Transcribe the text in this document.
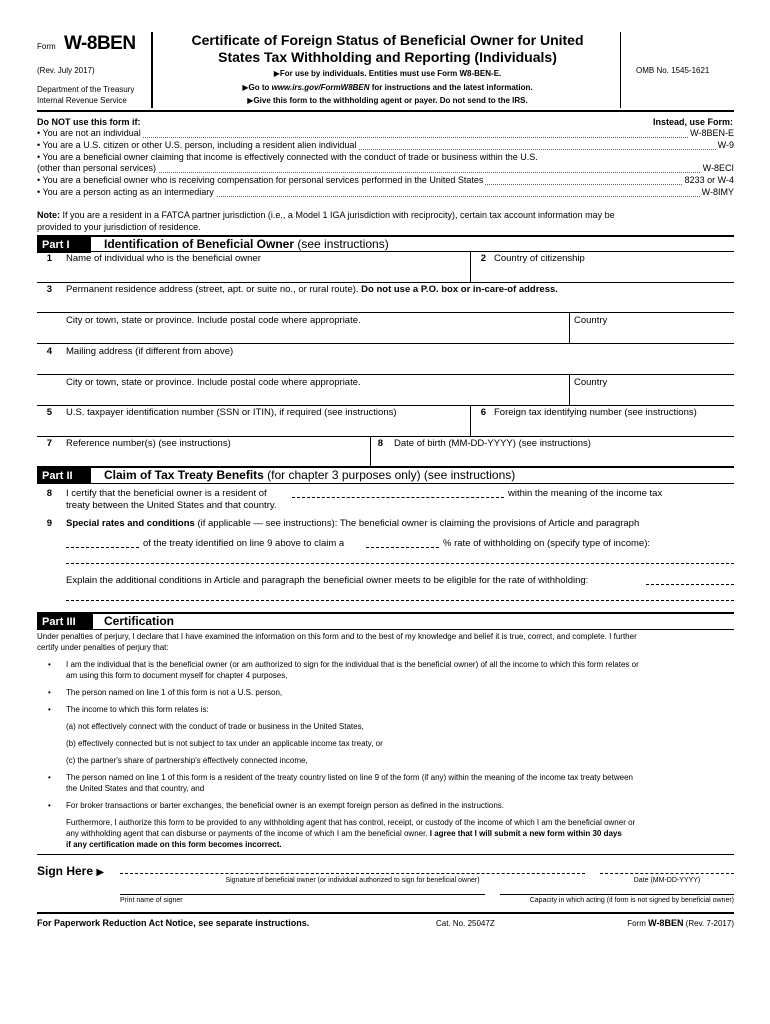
Form W-8BEN
(Rev. July 2017)
Department of the Treasury
Internal Revenue Service
Certificate of Foreign Status of Beneficial Owner for United
States Tax Withholding and Reporting (Individuals)
▶For use by individuals. Entities must use Form W8-BEN-E.
▶Go to www.irs.gov/FormW8BEN for instructions and the latest information.
▶Give this form to the withholding agent or payer. Do not send to the IRS.
OMB No. 1545-1621
Do NOT use this form if:	Instead, use Form:
• You are not an individual	W-8BEN-E
• You are a U.S. citizen or other U.S. person, including a resident alien individual	W-9
• You are a beneficial owner claiming that income is effectively connected with the conduct of trade or business within the U.S.
(other than personal services)	W-8ECI
• You are a beneficial owner who is receiving compensation for personal services performed in the United States	8233 or W-4
• You are a person acting as an intermediary	W-8IMY
Note: If you are a resident in a FATCA partner jurisdiction (i.e., a Model 1 IGA jurisdiction with reciprocity), certain tax account information may be
provided to your jurisdiction of residence.
Part I	Identification of Beneficial Owner (see instructions)
1 Name of individual who is the beneficial owner	2 Country of citizenship
3 Permanent residence address (street, apt. or suite no., or rural route). Do not use a P.O. box or in-care-of address.
City or town, state or province. Include postal code where appropriate.	Country
4 Mailing address (if different from above)
City or town, state or province. Include postal code where appropriate.	Country
5 U.S. taxpayer identification number (SSN or ITIN), if required (see instructions)	6 Foreign tax identifying number (see instructions)
7 Reference number(s) (see instructions)	8 Date of birth (MM-DD-YYYY) (see instructions)
Part II	Claim of Tax Treaty Benefits (for chapter 3 purposes only) (see instructions)
8 I certify that the beneficial owner is a resident of	within the meaning of the income tax
treaty between the United States and that country.
9 Special rates and conditions (if applicable — see instructions): The beneficial owner is claiming the provisions of Article and paragraph
of the treaty identified on line 9 above to claim a	% rate of withholding on (specify type of income):
Explain the additional conditions in Article and paragraph the beneficial owner meets to be eligible for the rate of withholding:
Part III	Certification
Under penalties of perjury, I declare that I have examined the information on this form and to the best of my knowledge and belief it is true, correct, and complete. I further
certify under penalties of perjury that:
• I am the individual that is the beneficial owner (or am authorized to sign for the individual that is the beneficial owner) of all the income to which this form relates or
am using this form to document myself for chapter 4 purposes,
• The person named on line 1 of this form is not a U.S. person,
• The income to which this form relates is:
(a) not effectively connect with the conduct of trade or business in the United States,
(b) effectively connected but is not subject to tax under an applicable income tax treaty, or
(c) the partner's share of partnership's effectively connected income,
• The person named on line 1 of this form is a resident of the treaty country listed on line 9 of the form (if any) within the meaning of the income tax treaty between
the United States and that country, and
• For broker transactions or barter exchanges, the beneficial owner is an exempt foreign person as defined in the instructions.
Furthermore, I authorize this form to be provided to any withholding agent that has control, receipt, or custody of the income of which I am the beneficial owner or
any withholding agent that can disburse or payments of the income of which I am the beneficial owner. I agree that I will submit a new form within 30 days
if any certification made on this form becomes incorrect.
Sign Here ▶
Signature of beneficial owner (or individual authorized to sign for beneficial owner)	Date (MM-DD-YYYY)
Print name of signer	Capacity in which acting (if form is not signed by beneficial owner)
For Paperwork Reduction Act Notice, see separate instructions.	Cat. No. 25047Z	Form W-8BEN (Rev. 7-2017)
